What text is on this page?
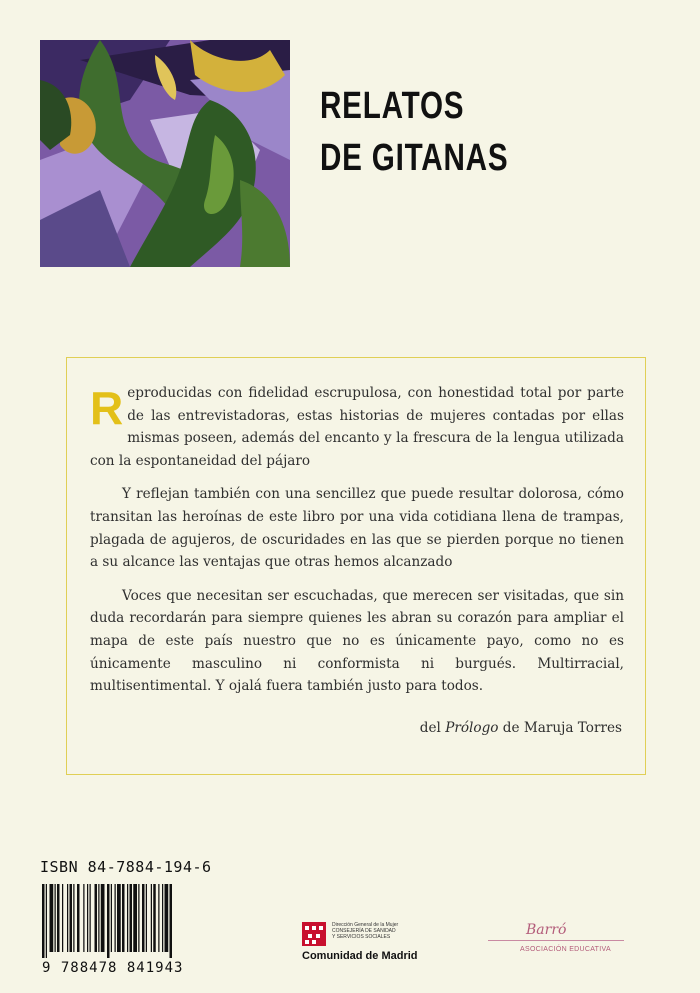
RELATOS
DE GITANAS

Reproducidas con fidelidad escrupulosa, con honestidad total por parte de las entrevistadoras, estas historias de mujeres contadas por ellas mismas poseen, además del encanto y la frescura de la lengua utilizada con la espontaneidad del pájaro

Y reflejan también con una sencillez que puede resultar dolorosa, cómo transitan las heroínas de este libro por una vida cotidiana llena de trampas, plagada de agujeros, de oscuridades en las que se pierden porque no tienen a su alcance las ventajas que otras hemos alcanzado

Voces que necesitan ser escuchadas, que merecen ser visitadas, que sin duda recordarán para siempre quienes les abran su corazón para ampliar el mapa de este país nuestro que no es únicamente payo, como no es únicamente masculino ni conformista ni burgués. Multirracial, multisentimental. Y ojalá fuera también justo para todos.

del Prólogo de Maruja Torres
ISBN 84-7884-194-6
9 788478 841943
Dirección General de la Mujer
CONSEJERÍA DE SANIDAD
Y SERVICIOS SOCIALES
Comunidad de Madrid
Barró
ASOCIACIÓN EDUCATIVA
